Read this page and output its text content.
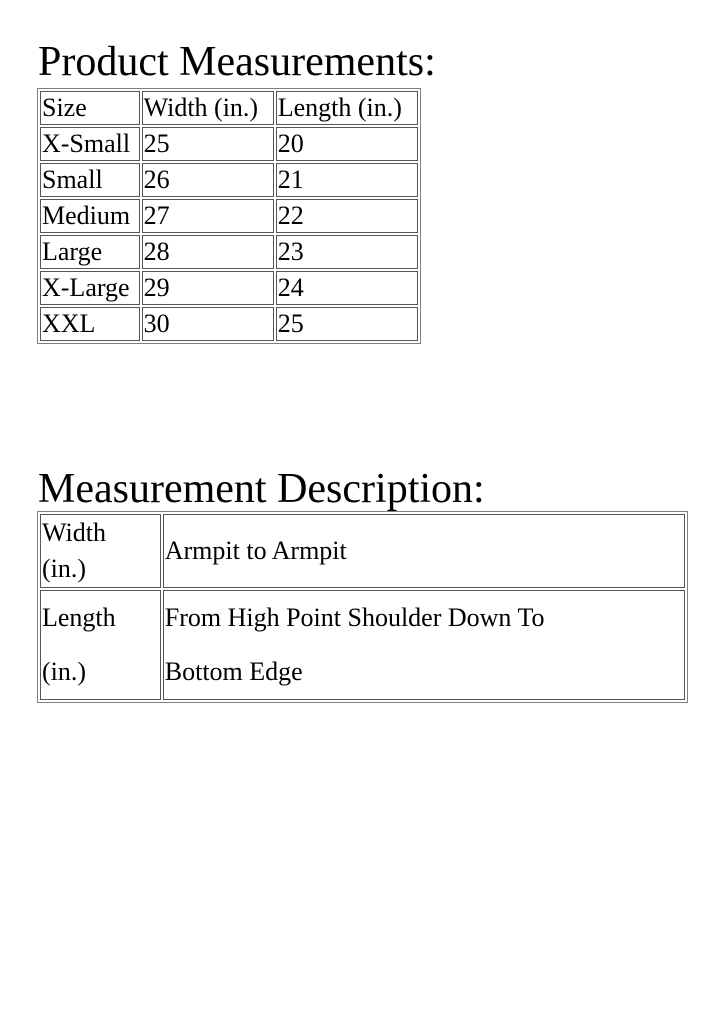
Product Measurements:
Size	Width (in.)	Length (in.)
X-Small	25	20
Small	26	21
Medium	27	22
Large	28	23
X-Large	29	24
XXL	30	25
Measurement Description:
Width
(in.)	Armpit to Armpit
Length
(in.)	From High Point Shoulder Down To
Bottom Edge
